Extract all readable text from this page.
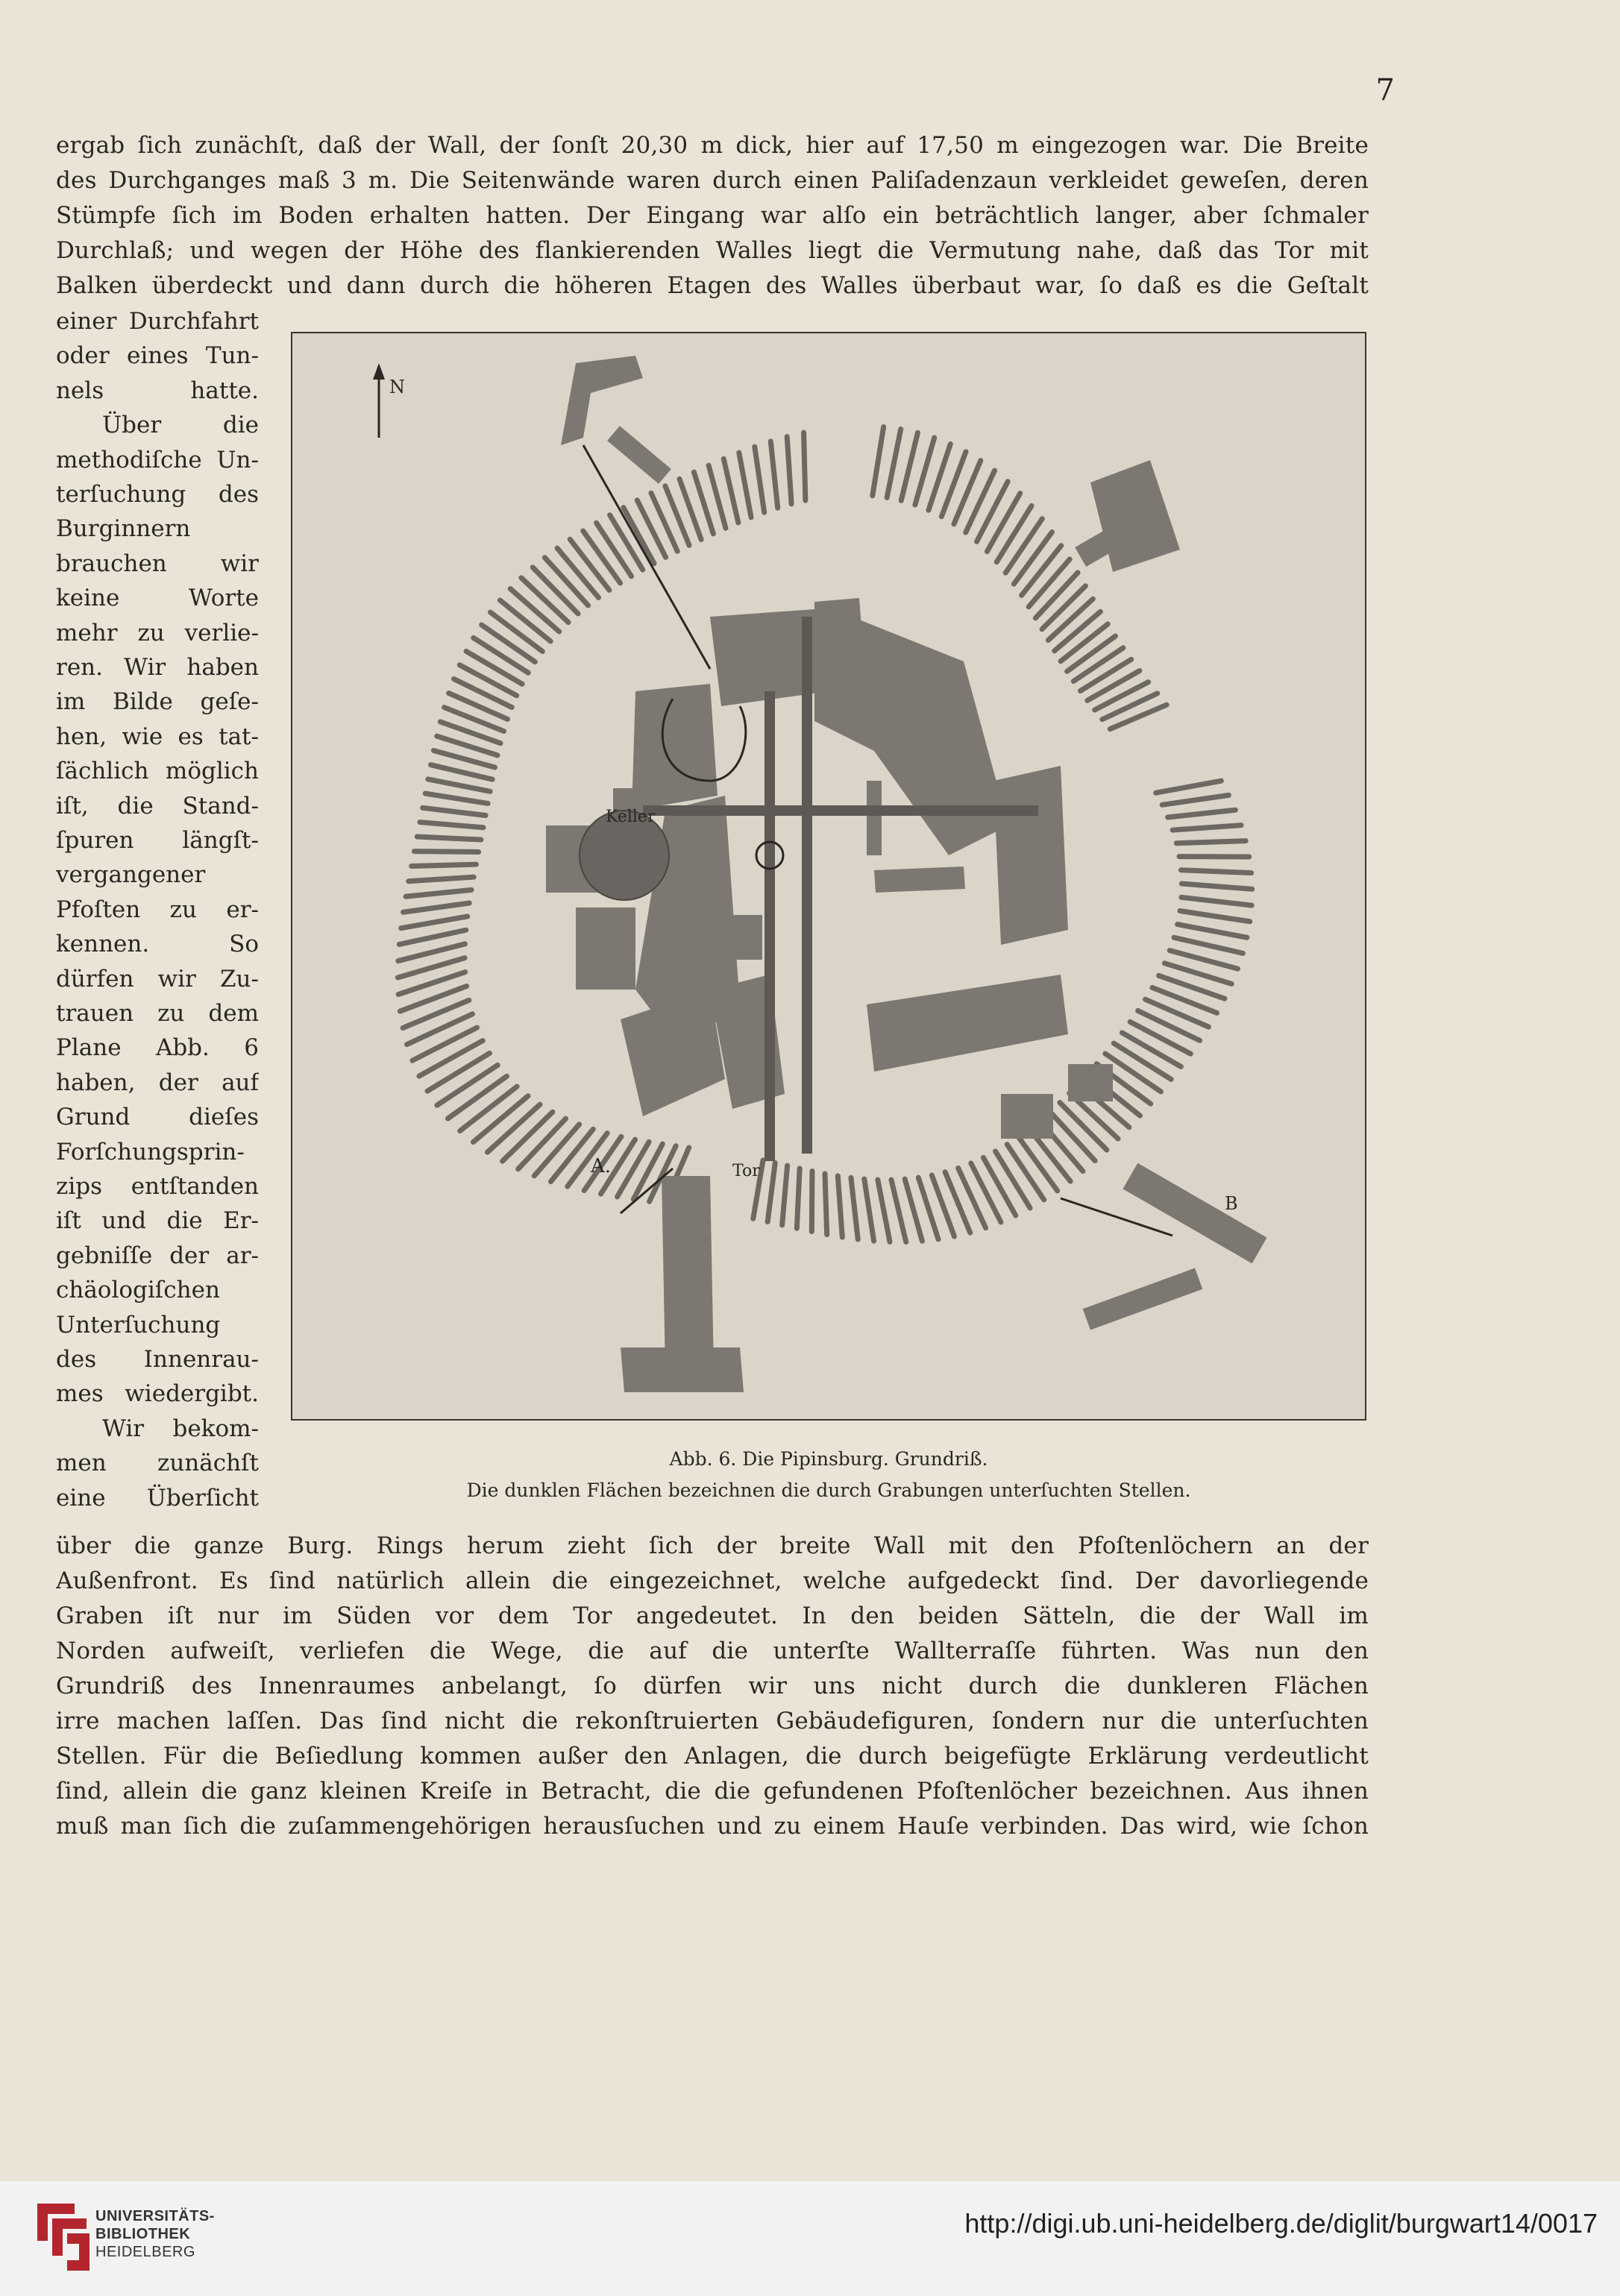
7
ergab ſich zunächſt, daß der Wall, der ſonſt 20,30 m dick, hier auf 17,50 m eingezogen war. Die Breite
des Durchganges maß 3 m. Die Seitenwände waren durch einen Paliſadenzaun verkleidet geweſen, deren
Stümpfe ſich im Boden erhalten hatten. Der Eingang war alſo ein beträchtlich langer, aber ſchmaler
Durchlaß; und wegen der Höhe des flankierenden Walles liegt die Vermutung nahe, daß das Tor mit
Balken überdeckt und dann durch die höheren Etagen des Walles überbaut war, ſo daß es die Geſtalt
einer Durchfahrt
oder eines Tun-
nels hatte.
Über die
methodiſche Un-
terſuchung des
Burginnern
brauchen wir
keine Worte
mehr zu verlie-
ren. Wir haben
im Bilde geſe-
hen, wie es tat-
ſächlich möglich
iſt, die Stand-
ſpuren längſt-
vergangener
Pfoſten zu er-
kennen. So
dürfen wir Zu-
trauen zu dem
Plane Abb. 6
haben, der auf
Grund dieſes
Forſchungsprin-
zips entſtanden
iſt und die Er-
gebniſſe der ar-
chäologiſchen
Unterſuchung
des Innenrau-
mes wiedergibt.
Wir bekom-
men zunächſt
eine Überſicht
N
Keller
Tor
A.
B
Abb. 6. Die Pipinsburg. Grundriß.
Die dunklen Flächen bezeichnen die durch Grabungen unterſuchten Stellen.
über die ganze Burg. Rings herum zieht ſich der breite Wall mit den Pfoſtenlöchern an der
Außenfront. Es ſind natürlich allein die eingezeichnet, welche aufgedeckt ſind. Der davorliegende
Graben iſt nur im Süden vor dem Tor angedeutet. In den beiden Sätteln, die der Wall im
Norden aufweiſt, verliefen die Wege, die auf die unterſte Wallterraſſe führten. Was nun den
Grundriß des Innenraumes anbelangt, ſo dürfen wir uns nicht durch die dunkleren Flächen
irre machen laſſen. Das ſind nicht die rekonſtruierten Gebäudefiguren, ſondern nur die unterſuchten
Stellen. Für die Beſiedlung kommen außer den Anlagen, die durch beigefügte Erklärung verdeutlicht
ſind, allein die ganz kleinen Kreiſe in Betracht, die die gefundenen Pfoſtenlöcher bezeichnen. Aus ihnen
muß man ſich die zuſammengehörigen herausſuchen und zu einem Hauſe verbinden. Das wird, wie ſchon
UNIVERSITÄTS-
BIBLIOTHEK
HEIDELBERG
http://digi.ub.uni-heidelberg.de/diglit/burgwart14/0017
